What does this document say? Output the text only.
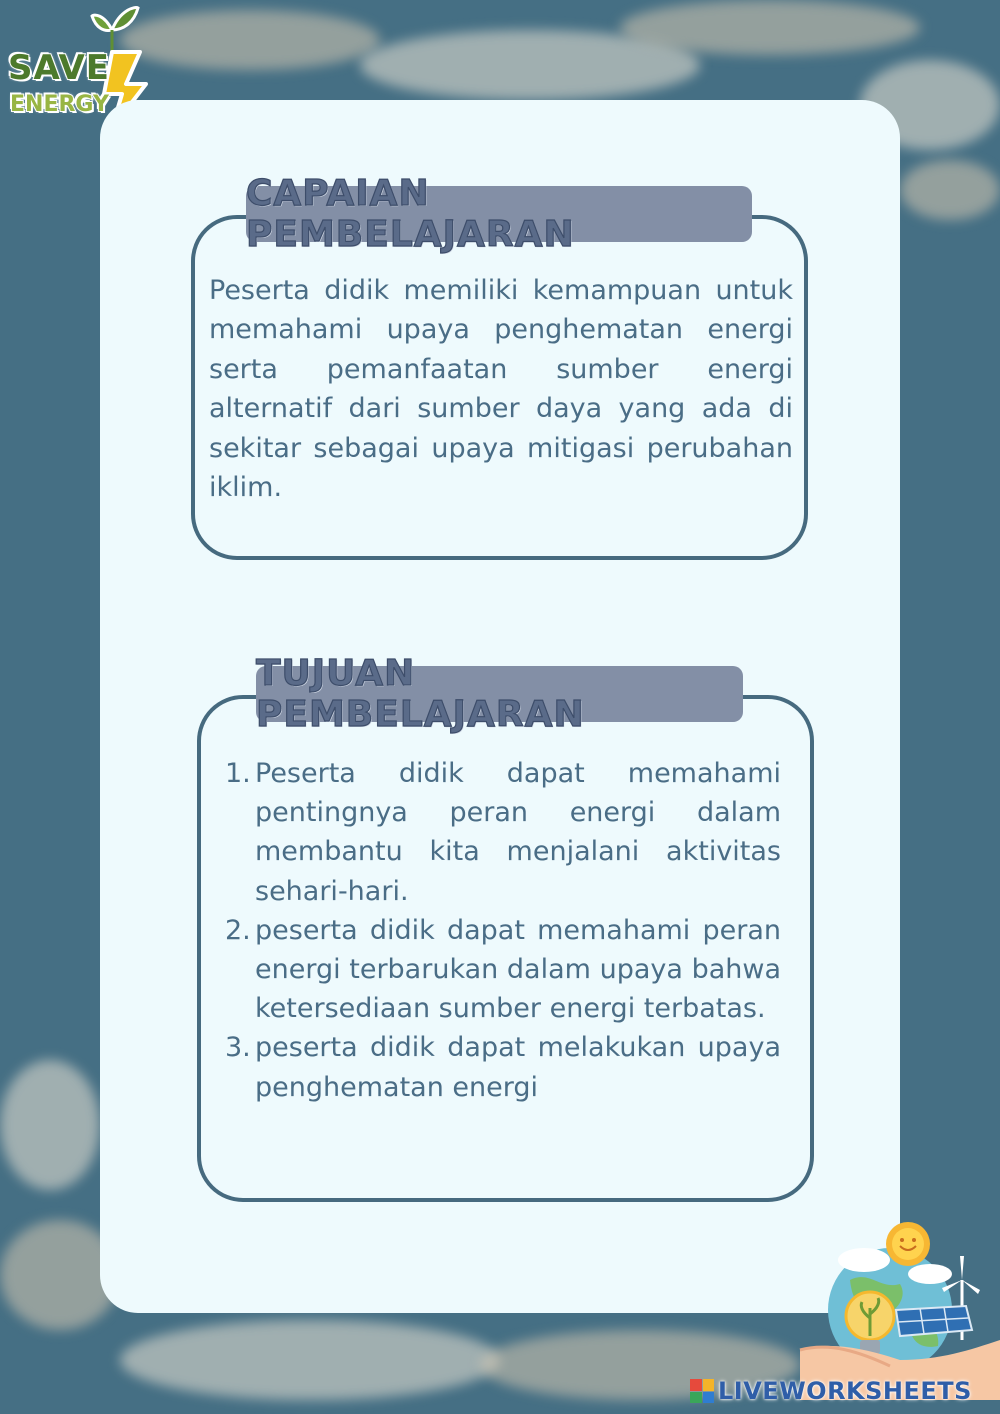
SAVE
ENERGY
CAPAIAN PEMBELAJARAN

Peserta didik memiliki kemampuan untuk memahami upaya penghematan energi serta pemanfaatan sumber energi alternatif dari sumber daya yang ada di sekitar sebagai upaya mitigasi perubahan iklim.

TUJUAN PEMBELAJARAN
1. Peserta didik dapat memahami pentingnya peran energi dalam membantu kita menjalani aktivitas sehari-hari.
2. peserta didik dapat memahami peran energi terbarukan dalam upaya bahwa ketersediaan sumber energi terbatas.
3. peserta didik dapat melakukan upaya penghematan energi
LIVEWORKSHEETS
